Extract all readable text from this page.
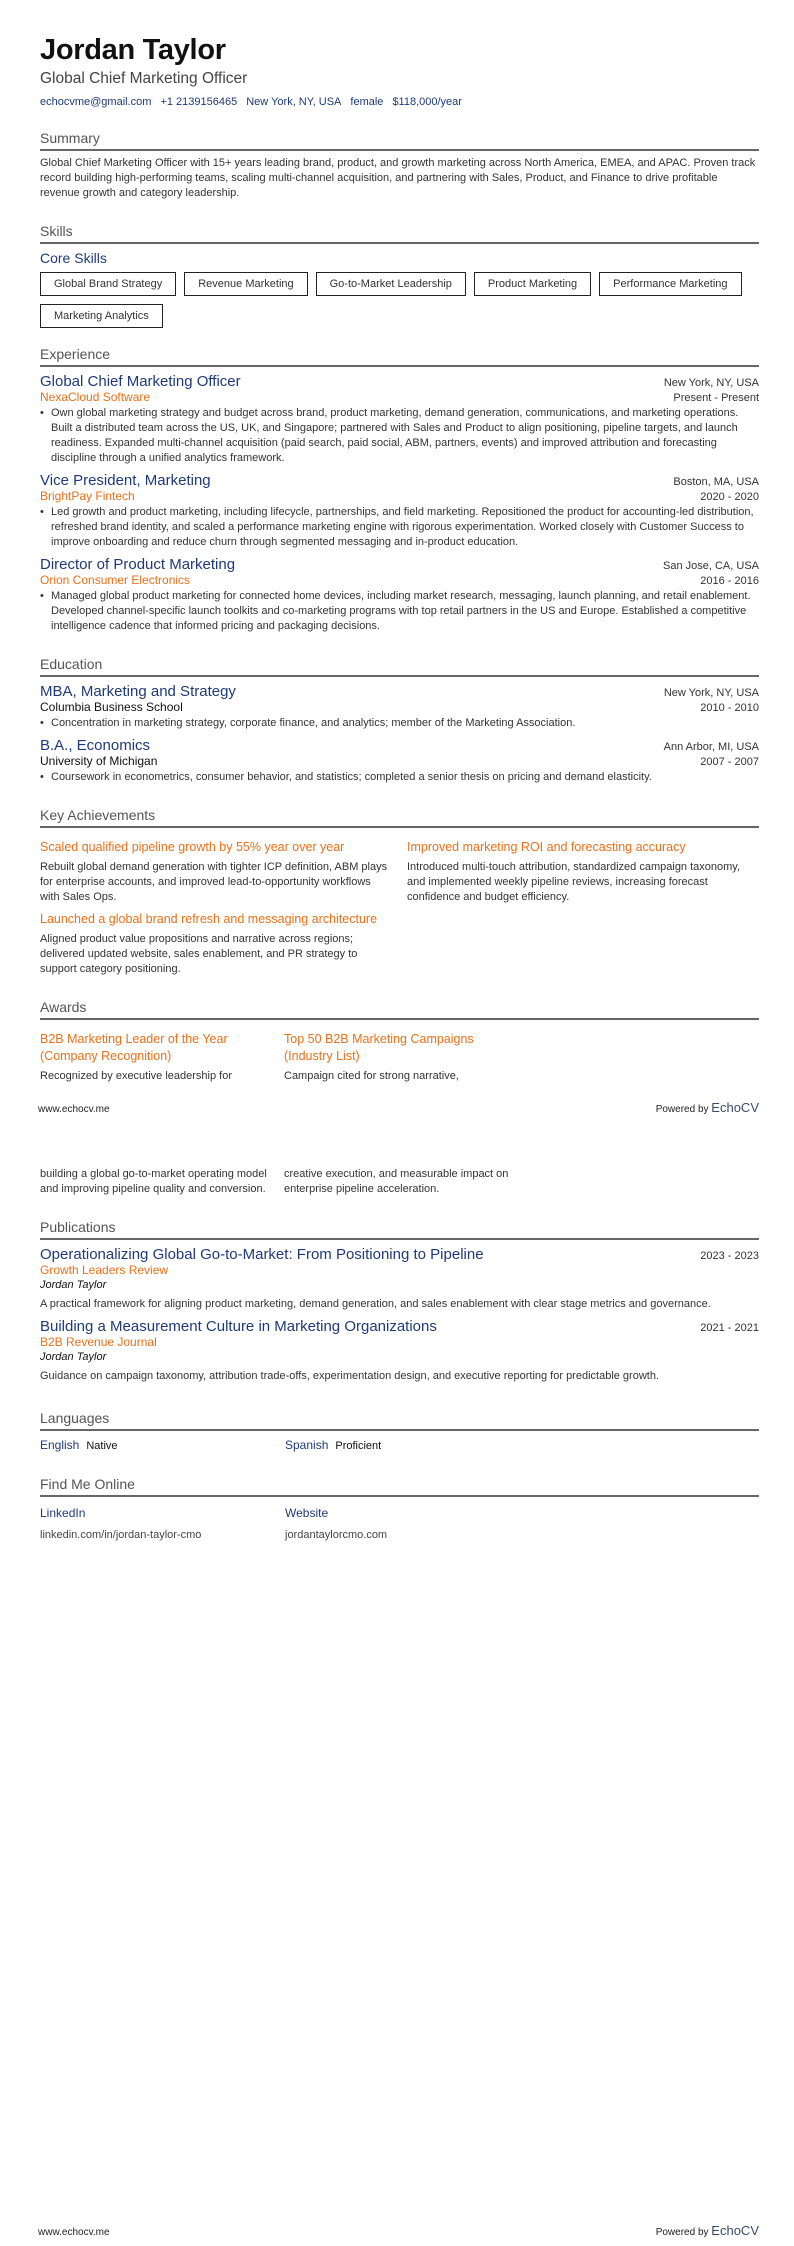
Jordan Taylor
Global Chief Marketing Officer
echocvme@gmail.com +1 2139156465 New York, NY, USA female $118,000/year
Summary
Global Chief Marketing Officer with 15+ years leading brand, product, and growth marketing across North America, EMEA, and APAC. Proven track record building high-performing teams, scaling multi-channel acquisition, and partnering with Sales, Product, and Finance to drive profitable revenue growth and category leadership.
Skills
Core Skills
Global Brand Strategy	Revenue Marketing	Go-to-Market Leadership	Product Marketing	Performance Marketing
Marketing Analytics
Experience
Global Chief Marketing Officer	New York, NY, USA
NexaCloud Software	Present - Present
• Own global marketing strategy and budget across brand, product marketing, demand generation, communications, and marketing operations. Built a distributed team across the US, UK, and Singapore; partnered with Sales and Product to align positioning, pipeline targets, and launch readiness. Expanded multi-channel acquisition (paid search, paid social, ABM, partners, events) and improved attribution and forecasting discipline through a unified analytics framework.
Vice President, Marketing	Boston, MA, USA
BrightPay Fintech	2020 - 2020
• Led growth and product marketing, including lifecycle, partnerships, and field marketing. Repositioned the product for accounting-led distribution, refreshed brand identity, and scaled a performance marketing engine with rigorous experimentation. Worked closely with Customer Success to improve onboarding and reduce churn through segmented messaging and in-product education.
Director of Product Marketing	San Jose, CA, USA
Orion Consumer Electronics	2016 - 2016
• Managed global product marketing for connected home devices, including market research, messaging, launch planning, and retail enablement. Developed channel-specific launch toolkits and co-marketing programs with top retail partners in the US and Europe. Established a competitive intelligence cadence that informed pricing and packaging decisions.
Education
MBA, Marketing and Strategy	New York, NY, USA
Columbia Business School	2010 - 2010
• Concentration in marketing strategy, corporate finance, and analytics; member of the Marketing Association.
B.A., Economics	Ann Arbor, MI, USA
University of Michigan	2007 - 2007
• Coursework in econometrics, consumer behavior, and statistics; completed a senior thesis on pricing and demand elasticity.
Key Achievements
Scaled qualified pipeline growth by 55% year over year
Rebuilt global demand generation with tighter ICP definition, ABM plays for enterprise accounts, and improved lead-to-opportunity workflows with Sales Ops.
Improved marketing ROI and forecasting accuracy
Introduced multi-touch attribution, standardized campaign taxonomy, and implemented weekly pipeline reviews, increasing forecast confidence and budget efficiency.
Launched a global brand refresh and messaging architecture
Aligned product value propositions and narrative across regions; delivered updated website, sales enablement, and PR strategy to support category positioning.
Awards
B2B Marketing Leader of the Year (Company Recognition)
Recognized by executive leadership for
Top 50 B2B Marketing Campaigns (Industry List)
Campaign cited for strong narrative,
www.echocv.me	Powered by EchoCV
building a global go-to-market operating model and improving pipeline quality and conversion.
creative execution, and measurable impact on enterprise pipeline acceleration.
Publications
Operationalizing Global Go-to-Market: From Positioning to Pipeline	2023 - 2023
Growth Leaders Review
Jordan Taylor
A practical framework for aligning product marketing, demand generation, and sales enablement with clear stage metrics and governance.
Building a Measurement Culture in Marketing Organizations	2021 - 2021
B2B Revenue Journal
Jordan Taylor
Guidance on campaign taxonomy, attribution trade-offs, experimentation design, and executive reporting for predictable growth.
Languages
English Native	Spanish Proficient
Find Me Online
LinkedIn
linkedin.com/in/jordan-taylor-cmo
Website
jordantaylorcmo.com
www.echocv.me	Powered by EchoCV
